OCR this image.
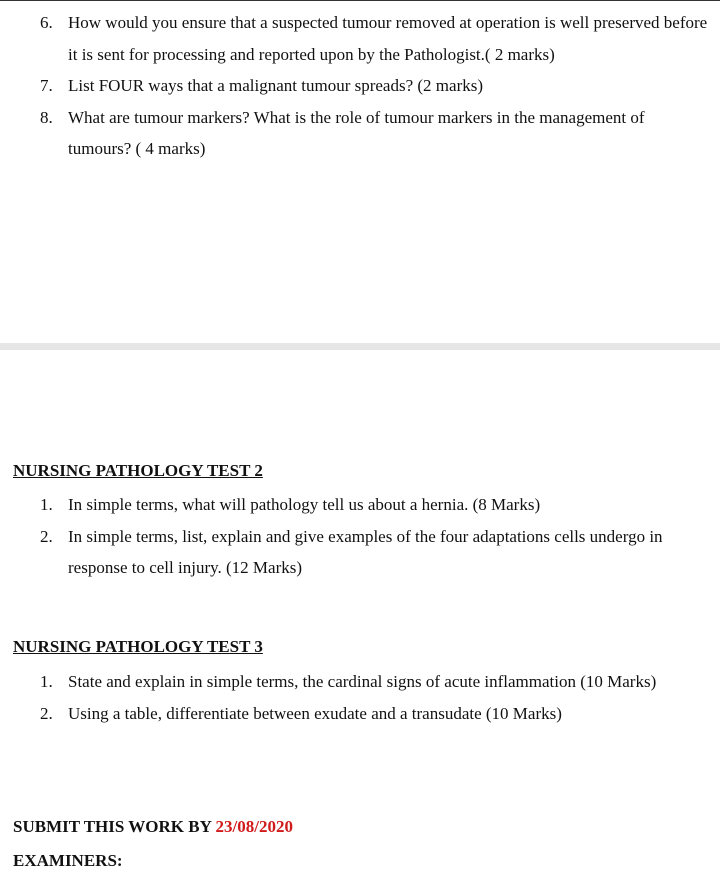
6. How would you ensure that a suspected tumour removed at operation is well preserved before it is sent for processing and reported upon by the Pathologist.( 2 marks)
7. List FOUR ways that a malignant tumour spreads? (2 marks)
8. What are tumour markers? What is the role of tumour markers in the management of tumours? ( 4 marks)
NURSING PATHOLOGY TEST 2
1. In simple terms, what will pathology tell us about a hernia. (8 Marks)
2. In simple terms, list, explain and give examples of the four adaptations cells undergo in response to cell injury. (12 Marks)
NURSING PATHOLOGY TEST 3
1. State and explain in simple terms, the cardinal signs of acute inflammation (10 Marks)
2. Using a table, differentiate between exudate and a transudate (10 Marks)
SUBMIT THIS WORK BY 23/08/2020
EXAMINERS:
